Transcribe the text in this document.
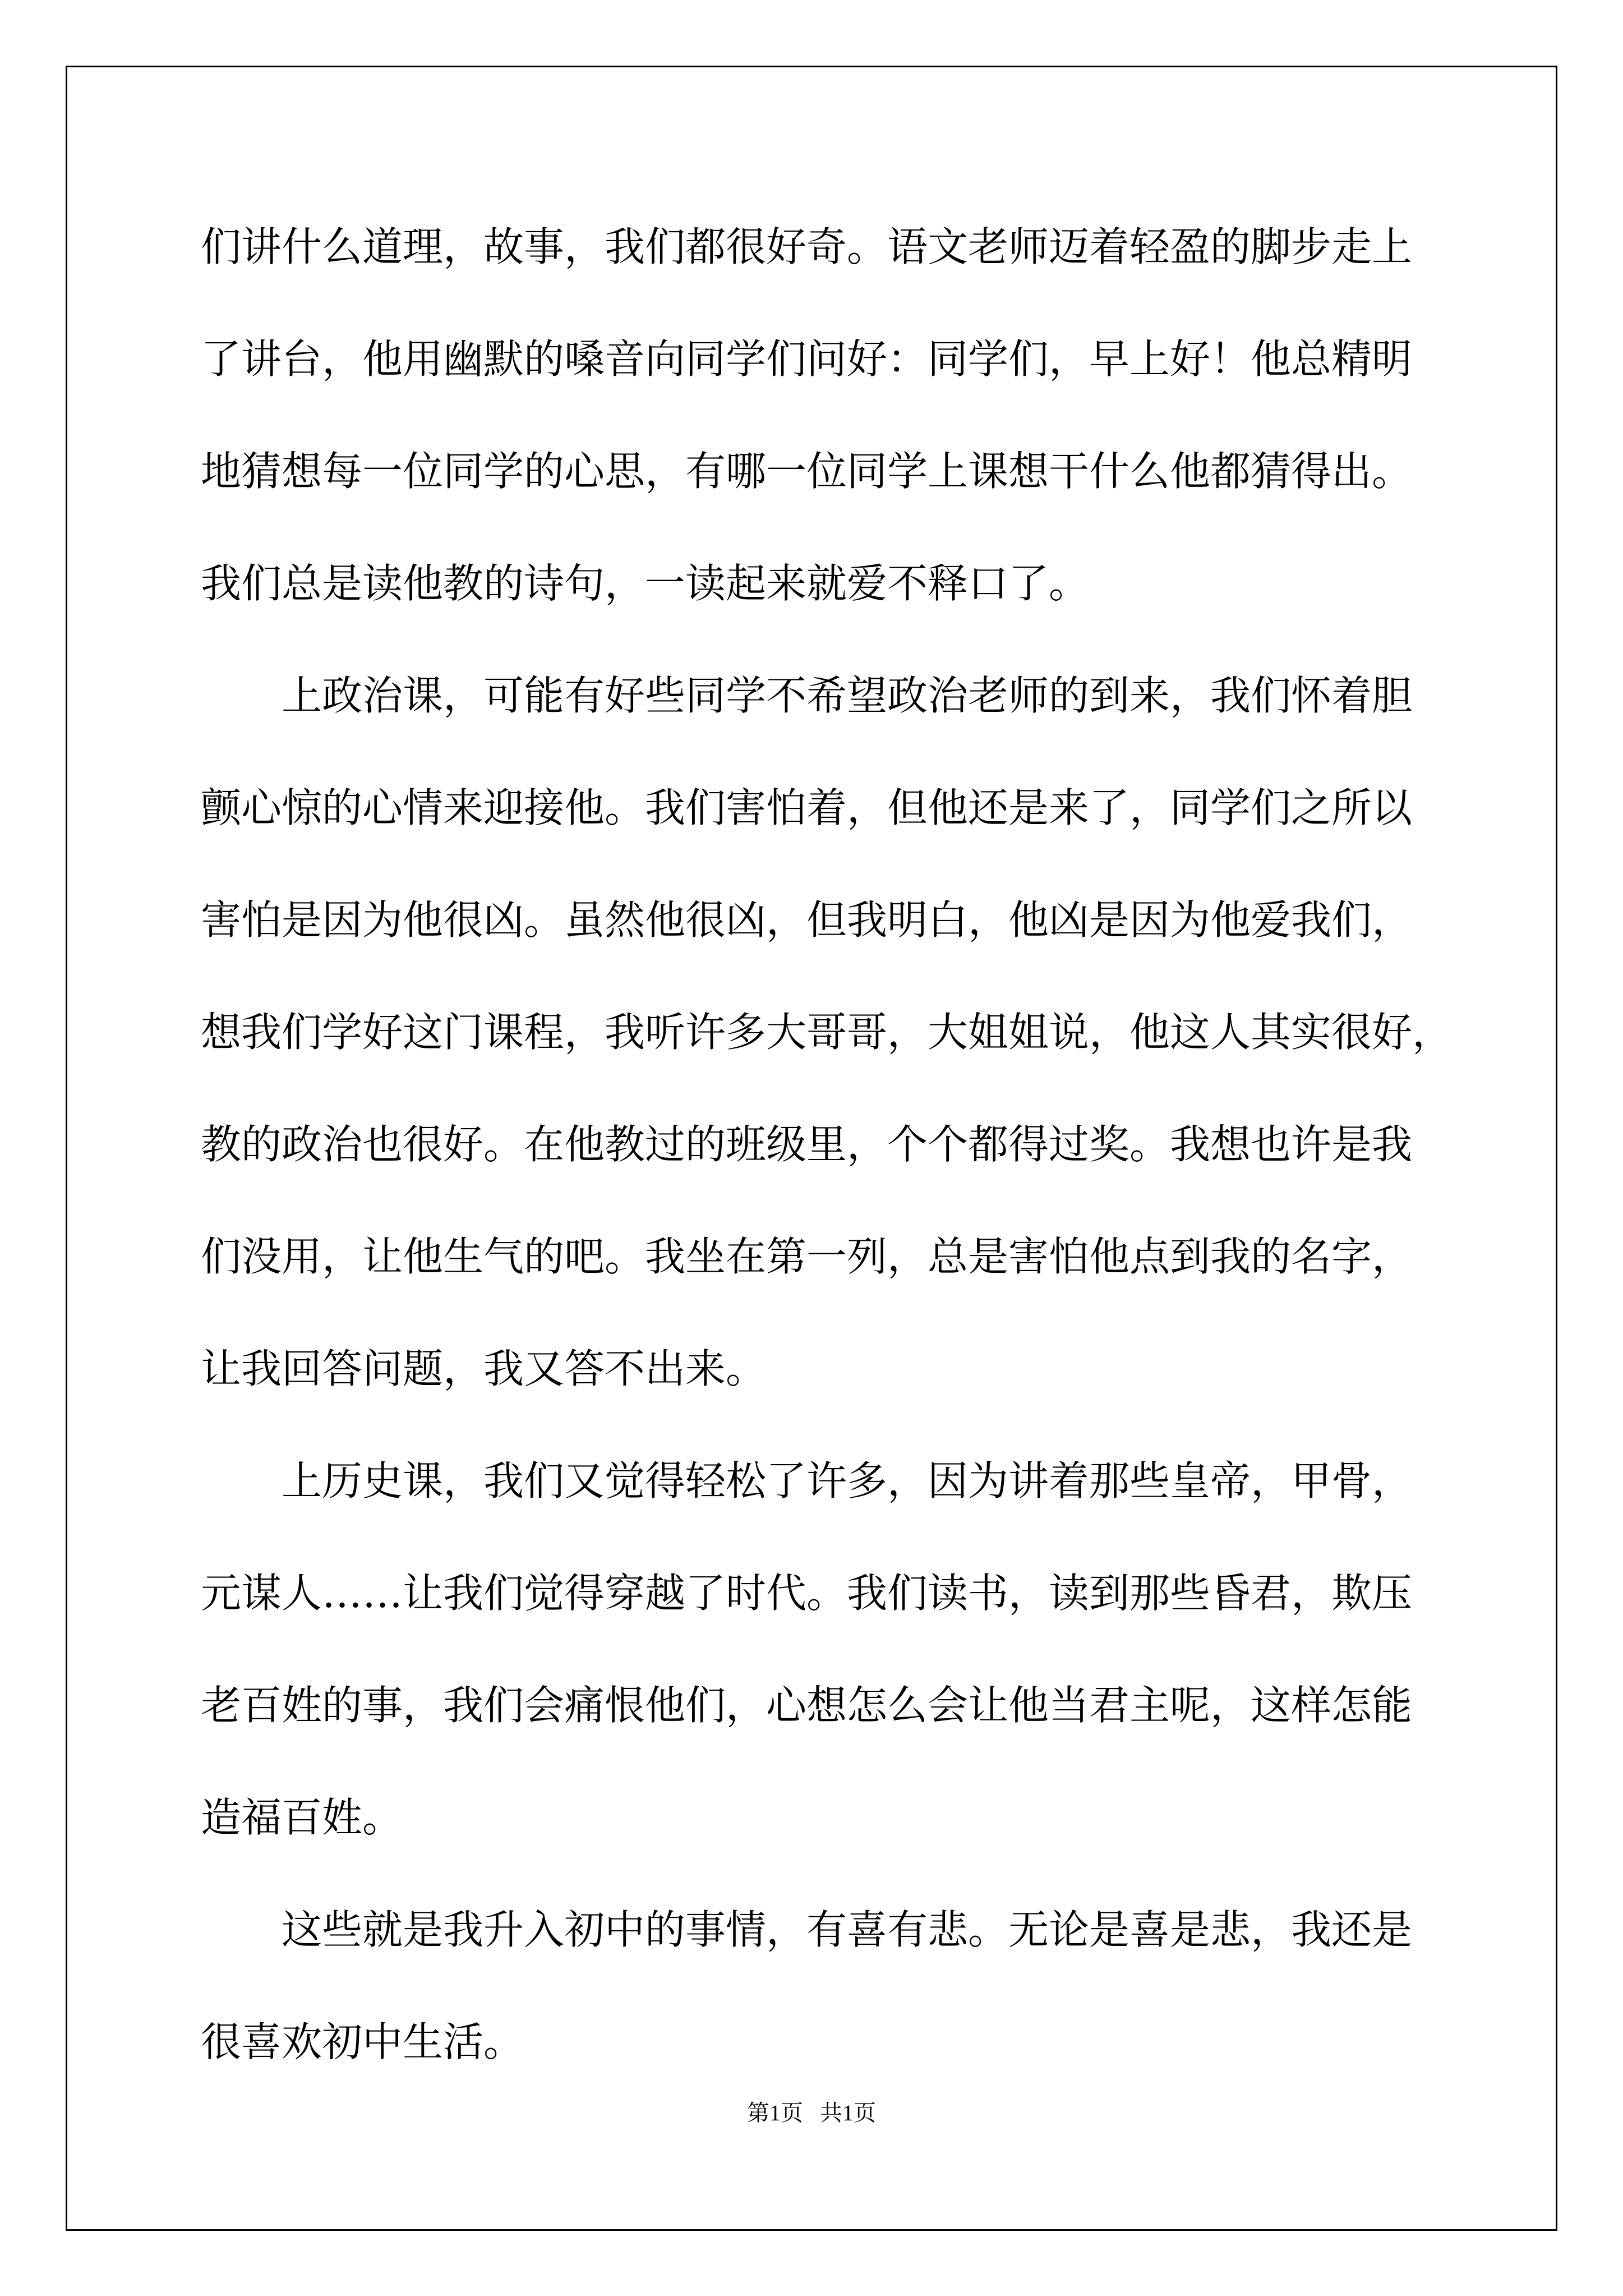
们讲什么道理，故事，我们都很好奇。语文老师迈着轻盈的脚步走上
了讲台，他用幽默的嗓音向同学们问好：同学们，早上好！他总精明
地猜想每一位同学的心思，有哪一位同学上课想干什么他都猜得出。
我们总是读他教的诗句，一读起来就爱不释口了。
上政治课，可能有好些同学不希望政治老师的到来，我们怀着胆
颤心惊的心情来迎接他。我们害怕着，但他还是来了，同学们之所以
害怕是因为他很凶。虽然他很凶，但我明白，他凶是因为他爱我们，
想我们学好这门课程，我听许多大哥哥，大姐姐说，他这人其实很好，
教的政治也很好。在他教过的班级里，个个都得过奖。我想也许是我
们没用，让他生气的吧。我坐在第一列，总是害怕他点到我的名字，
让我回答问题，我又答不出来。
上历史课，我们又觉得轻松了许多，因为讲着那些皇帝，甲骨，
元谋人……让我们觉得穿越了时代。我们读书，读到那些昏君，欺压
老百姓的事，我们会痛恨他们，心想怎么会让他当君主呢，这样怎能
造福百姓。
这些就是我升入初中的事情，有喜有悲。无论是喜是悲，我还是
很喜欢初中生活。
第1页 共1页
